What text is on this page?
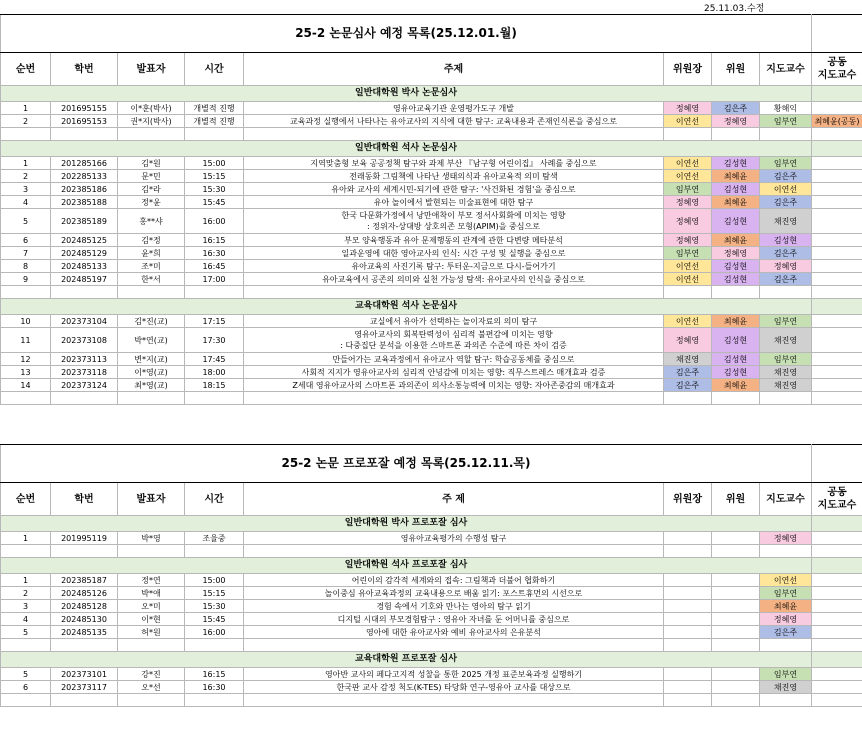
25.11.03.수정
25-2 논문심사 예정 목록(25.12.01.월)								
순번	학번	발표자	시간	주제	위원장	위원	지도교수	공동
지도교수
일반대학원 박사 논문심사								
1	201695155	이*훈(박사)	개별적 진행	영유아교육기관 운영평가도구 개발	정혜영	김은주	황해익	
2	201695153	권*지(박사)	개별적 진행	교육과정 실행에서 나타나는 유아교사의 지식에 대한 탐구: 교육내용과 존재인식론을 중심으로	이연선	정혜영	임부연	최혜윤(공동)

일반대학원 석사 논문심사								
1	201285166	김*원	15:00	지역맞춤형 보육 공공정책 탐구와 과제 부산 『남구형 어린이집』 사례를 중심으로	이연선	김성현	임부연	
2	202285133	문*민	15:15	전래동화 그림책에 나타난 생태의식과 유아교육적 의미 탐색	이연선	최혜윤	김은주	
3	202385186	김*라	15:30	유아와 교사의 세계시민-되기에 관한 탐구: '사건화된 경험'을 중심으로	임부연	김성현	이연선	
4	202385188	정*윤	15:45	유아 놀이에서 발현되는 미술표현에 대한 탐구	정혜영	최혜윤	김은주	
5	202385189	홍**샤	16:00	한국 다문화가정에서 낭만애착이 부모 정서사회화에 미치는 영향
: 정위자-상대방 상호의존 모형(APIM)을 중심으로	정혜영	김성현	채진영	
6	202485125	김*정	16:15	부모 양육행동과 유아 문제행동의 관계에 관한 다변량 메타분석	정혜영	최혜윤	김성현	
7	202485129	윤*희	16:30	일과운영에 대한 영아교사의 인식: 시간 구성 및 실행을 중심으로	임부연	정혜영	김은주	
8	202485133	조*미	16:45	유아교육의 사진기록 탐구: 투터운-지금으로 다시-들어가기	이연선	김성현	정혜영	
9	202485197	한*서	17:00	유아교육에서 공존의 의미와 실천 가능성 탐색: 유아교사의 인식을 중심으로	이연선	김성현	김은주	

교육대학원 석사 논문심사								
10	202373104	김*진(교)	17:15	교실에서 유아가 선택하는 놀이자료의 의미 탐구	이연선	최혜윤	임부연	
11	202373108	박*연(교)	17:30	영유아교사의 회복탄력성이 심리적 불편감에 미치는 영향
: 다중집단 분석을 이용한 스마트폰 과의존 수준에 따른 차이 검증	정혜영	김성현	채진영	
12	202373113	변*지(교)	17:45	만들어가는 교육과정에서 유아교사 역할 탐구: 학습공동체를 중심으로	채진영	김성현	임부연	
13	202373118	이*영(교)	18:00	사회적 지지가 영유아교사의 심리적 안녕감에 미치는 영향: 직무스트레스 매개효과 검증	김은주	김성현	채진영	
14	202373124	최*영(교)	18:15	Z세대 영유아교사의 스마트폰 과의존이 의사소통능력에 미치는 영향: 자아존중감의 매개효과	김은주	최혜윤	채진영	

25-2 논문 프로포잘 예정 목록(25.12.11.목)								
순번	학번	발표자	시간	주 제	위원장	위원	지도교수	공동
지도교수
일반대학원 박사 프로포잘 심사								
1	201995119	박*영	조율중	영유아교육평가의 수행성 탐구			정혜영	

일반대학원 석사 프로포잘 심사								
1	202385187	정*연	15:00	어린이의 감각적 세계와의 접속: 그림책과 더불어 협화하기			이연선	
2	202485126	박*애	15:15	놀이중심 유아교육과정의 교육내용으로 배움 읽기: 포스트휴먼의 시선으로			임부연	
3	202485128	오*미	15:30	경험 속에서 기호와 만나는 영아의 탐구 읽기			최혜윤	
4	202485130	이*현	15:45	디지털 시대의 부모경험탐구 : 영유아 자녀를 둔 어머니를 중심으로			정혜영	
5	202485135	허*원	16:00	영아에 대한 유아교사와 예비 유아교사의 은유분석			김은주	

교육대학원 프로포잘 심사								
5	202373101	강*진	16:15	영아반 교사의 페다고지적 성찰을 통한 2025 개정 표준보육과정 실행하기			임부연	
6	202373117	오*선	16:30	한국판 교사 감정 척도(K-TES) 타당화 연구-영유아 교사를 대상으로			채진영	
